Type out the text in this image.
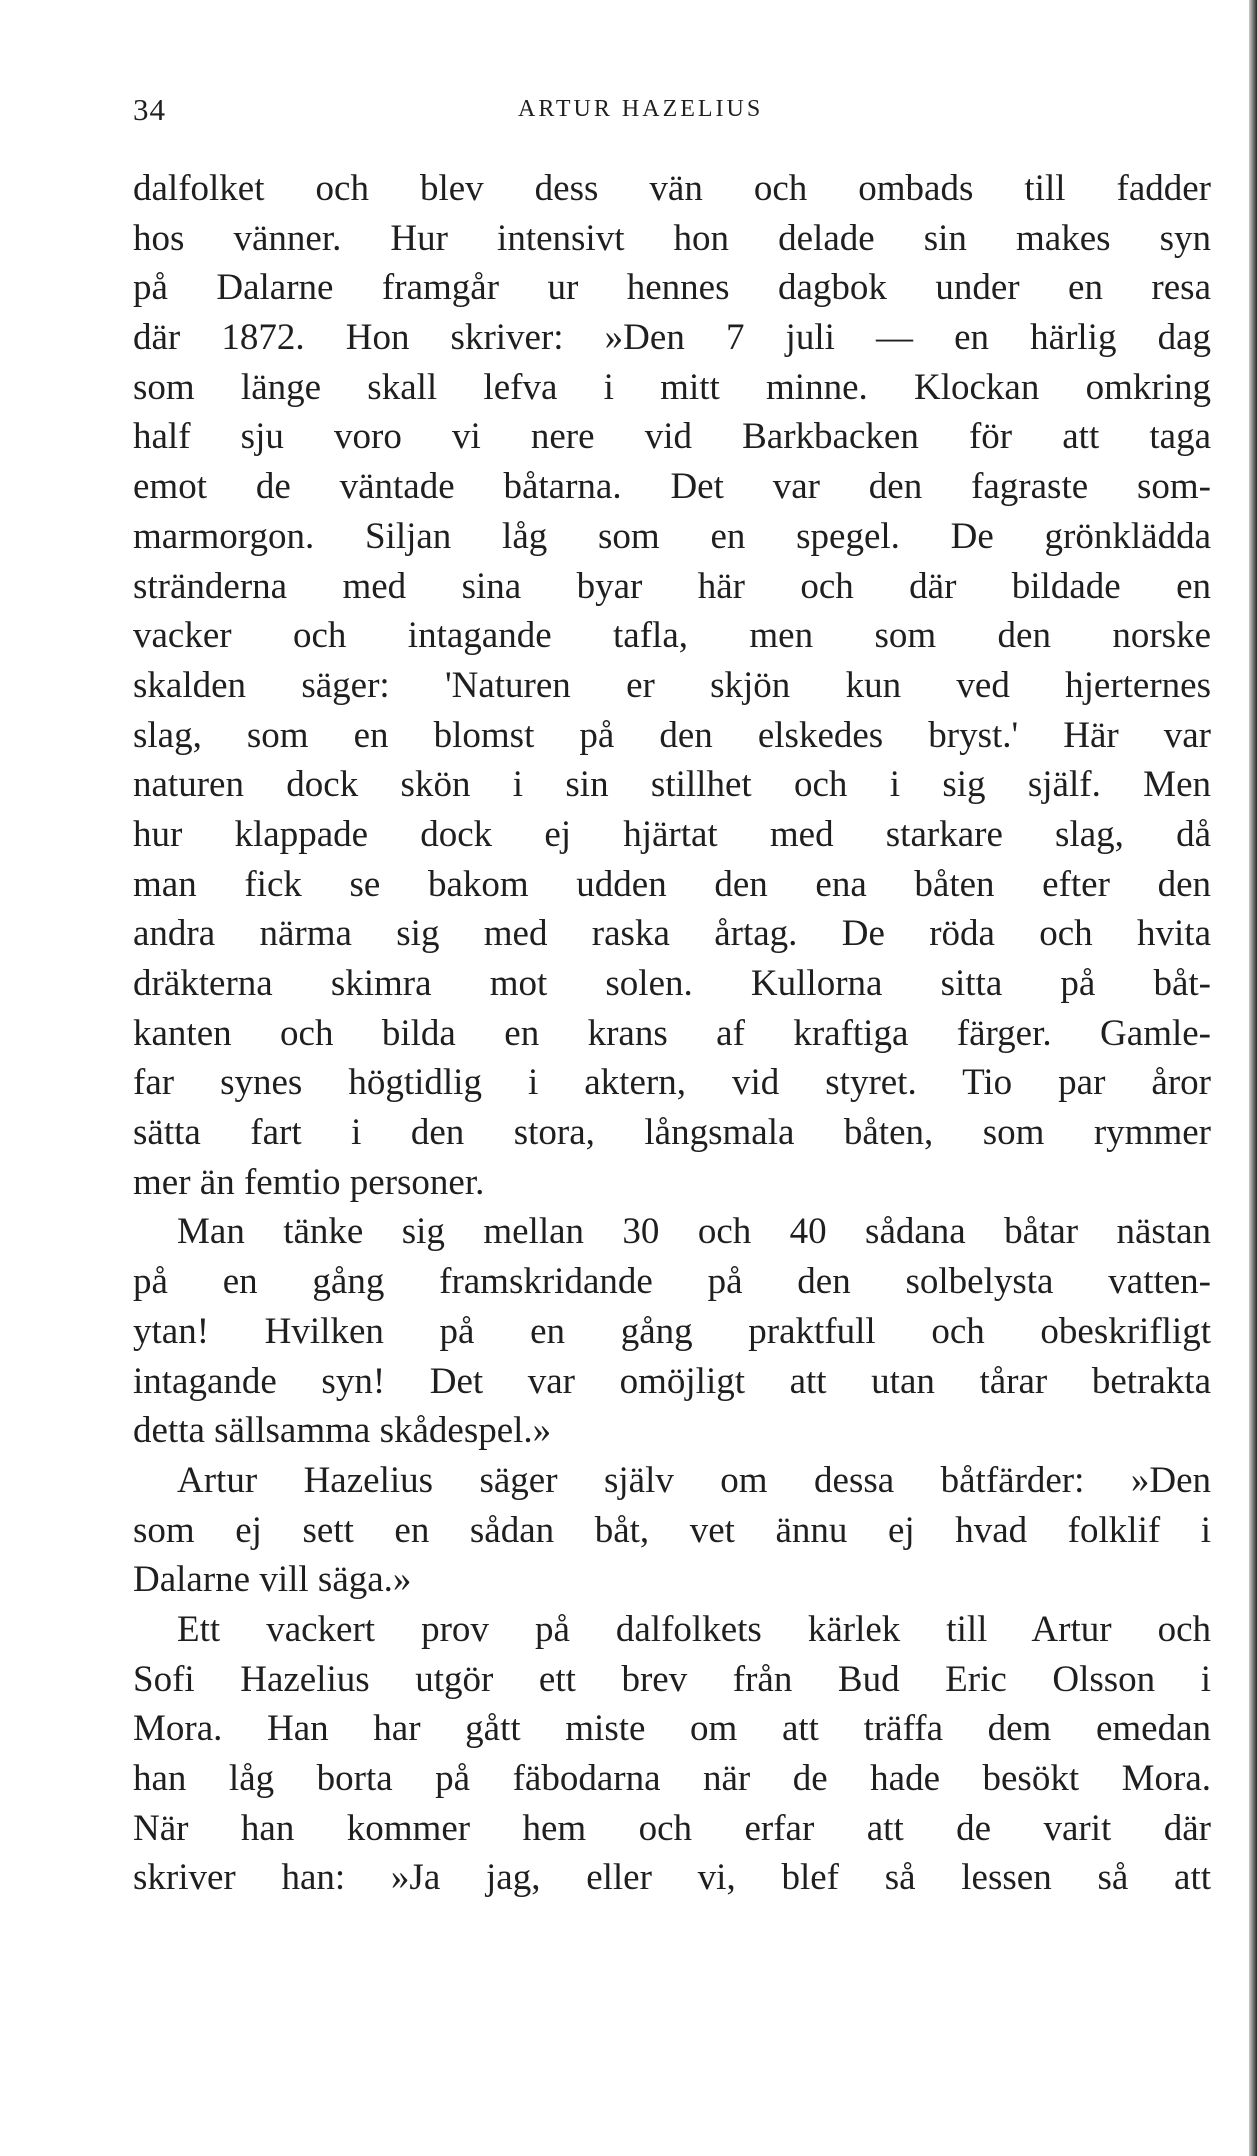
34	ARTUR HAZELIUS
dalfolket och blev dess vän och ombads till fadder
hos vänner. Hur intensivt hon delade sin makes syn
på Dalarne framgår ur hennes dagbok under en resa
där 1872. Hon skriver: »Den 7 juli — en härlig dag
som länge skall lefva i mitt minne. Klockan omkring
half sju voro vi nere vid Barkbacken för att taga
emot de väntade båtarna. Det var den fagraste som-
marmorgon. Siljan låg som en spegel. De grönklädda
stränderna med sina byar här och där bildade en
vacker och intagande tafla, men som den norske
skalden säger: 'Naturen er skjön kun ved hjerternes
slag, som en blomst på den elskedes bryst.' Här var
naturen dock skön i sin stillhet och i sig själf. Men
hur klappade dock ej hjärtat med starkare slag, då
man fick se bakom udden den ena båten efter den
andra närma sig med raska årtag. De röda och hvita
dräkterna skimra mot solen. Kullorna sitta på båt-
kanten och bilda en krans af kraftiga färger. Gamle-
far synes högtidlig i aktern, vid styret. Tio par åror
sätta fart i den stora, långsmala båten, som rymmer
mer än femtio personer.
Man tänke sig mellan 30 och 40 sådana båtar nästan
på en gång framskridande på den solbelysta vatten-
ytan! Hvilken på en gång praktfull och obeskrifligt
intagande syn! Det var omöjligt att utan tårar betrakta
detta sällsamma skådespel.»
Artur Hazelius säger själv om dessa båtfärder: »Den
som ej sett en sådan båt, vet ännu ej hvad folklif i
Dalarne vill säga.»
Ett vackert prov på dalfolkets kärlek till Artur och
Sofi Hazelius utgör ett brev från Bud Eric Olsson i
Mora. Han har gått miste om att träffa dem emedan
han låg borta på fäbodarna när de hade besökt Mora.
När han kommer hem och erfar att de varit där
skriver han: »Ja jag, eller vi, blef så lessen så att
